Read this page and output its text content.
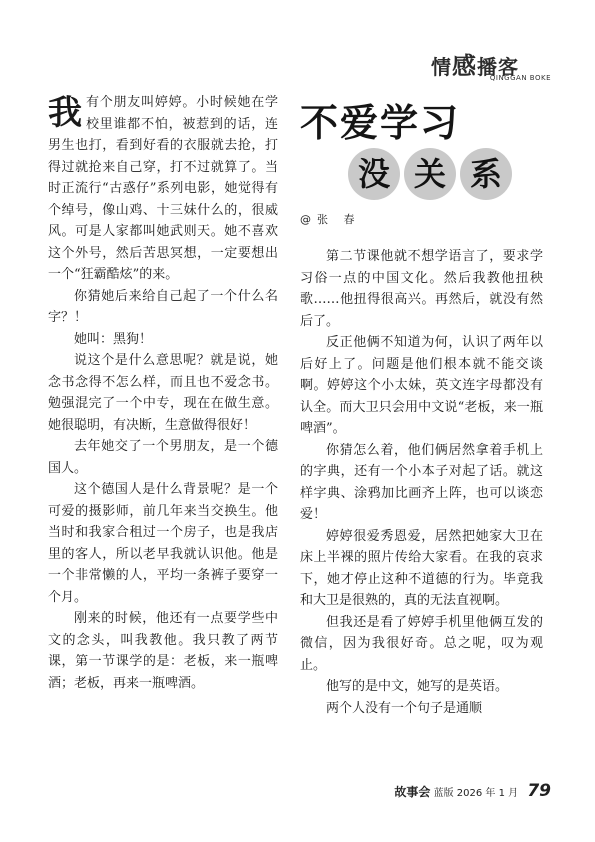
情感播客
QINGGAN BOKE

我有个朋友叫婷婷。小时候她在学校里谁都不怕，被惹到的话，连男生也打，看到好看的衣服就去抢，打得过就抢来自己穿，打不过就算了。当时正流行“古惑仔”系列电影，她觉得有个绰号，像山鸡、十三妹什么的，很威风。可是人家都叫她武则天。她不喜欢这个外号，然后苦思冥想，一定要想出一个“狂霸酷炫”的来。

你猜她后来给自己起了一个什么名字？！

她叫：黑狗！

说这个是什么意思呢？就是说，她念书念得不怎么样，而且也不爱念书。勉强混完了一个中专，现在在做生意。她很聪明，有决断，生意做得很好！

去年她交了一个男朋友，是一个德国人。

这个德国人是什么背景呢？是一个可爱的摄影师，前几年来当交换生。他当时和我家合租过一个房子，也是我店里的客人，所以老早我就认识他。他是一个非常懒的人，平均一条裤子要穿一个月。

刚来的时候，他还有一点要学些中文的念头，叫我教他。我只教了两节课，第一节课学的是：老板，来一瓶啤酒；老板，再来一瓶啤酒。

不爱学习
没 关 系
@张 春

第二节课他就不想学语言了，要求学习俗一点的中国文化。然后我教他扭秧歌……他扭得很高兴。再然后，就没有然后了。

反正他俩不知道为何，认识了两年以后好上了。问题是他们根本就不能交谈啊。婷婷这个小太妹，英文连字母都没有认全。而大卫只会用中文说“老板，来一瓶啤酒”。

你猜怎么着，他们俩居然拿着手机上的字典，还有一个小本子对起了话。就这样字典、涂鸦加比画齐上阵，也可以谈恋爱！

婷婷很爱秀恩爱，居然把她家大卫在床上半裸的照片传给大家看。在我的哀求下，她才停止这种不道德的行为。毕竟我和大卫是很熟的，真的无法直视啊。

但我还是看了婷婷手机里他俩互发的微信，因为我很好奇。总之呢，叹为观止。

他写的是中文，她写的是英语。

两个人没有一个句子是通顺

故事会 蓝版 2026 年 1 月 79
